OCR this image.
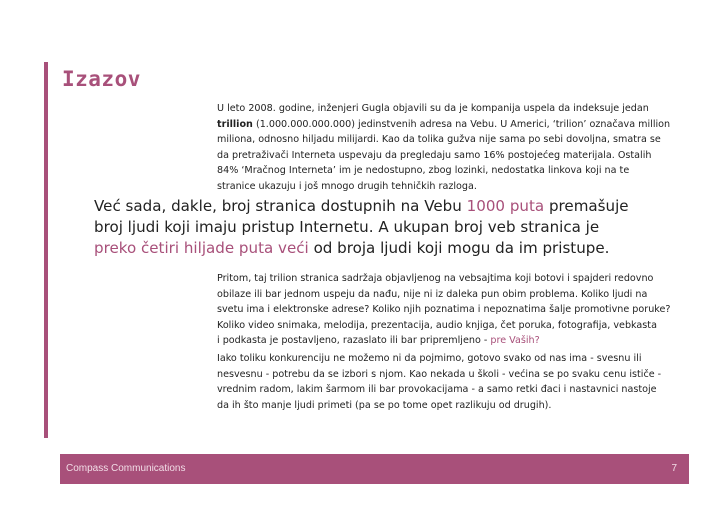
Izazov
U leto 2008. godine, inženjeri Gugla objavili su da je kompanija uspela da indeksuje jedan
trillion (1.000.000.000.000) jedinstvenih adresa na Vebu. U Americi, ‘trilion’ označava million
miliona, odnosno hiljadu milijardi. Kao da tolika gužva nije sama po sebi dovoljna, smatra se
da pretraživači Interneta uspevaju da pregledaju samo 16% postojećeg materijala. Ostalih
84% ‘Mračnog Interneta’ im je nedostupno, zbog lozinki, nedostatka linkova koji na te
stranice ukazuju i još mnogo drugih tehničkih razloga.
Već sada, dakle, broj stranica dostupnih na Vebu 1000 puta premašuje
broj ljudi koji imaju pristup Internetu. A ukupan broj veb stranica je
preko četiri hiljade puta veći od broja ljudi koji mogu da im pristupe.
Pritom, taj trilion stranica sadržaja objavljenog na vebsajtima koji botovi i spajderi redovno
obilaze ili bar jednom uspeju da nađu, nije ni iz daleka pun obim problema. Koliko ljudi na
svetu ima i elektronske adrese? Koliko njih poznatima i nepoznatima šalje promotivne poruke?
Koliko video snimaka, melodija, prezentacija, audio knjiga, čet poruka, fotografija, vebkasta
i podkasta je postavljeno, razaslato ili bar pripremljeno - pre Vaših?
Iako toliku konkurenciju ne možemo ni da pojmimo, gotovo svako od nas ima - svesnu ili
nesvesnu - potrebu da se izbori s njom. Kao nekada u školi - većina se po svaku cenu ističe -
vrednim radom, lakim šarmom ili bar provokacijama - a samo retki đaci i nastavnici nastoje
da ih što manje ljudi primeti (pa se po tome opet razlikuju od drugih).
Compass Communications	7
